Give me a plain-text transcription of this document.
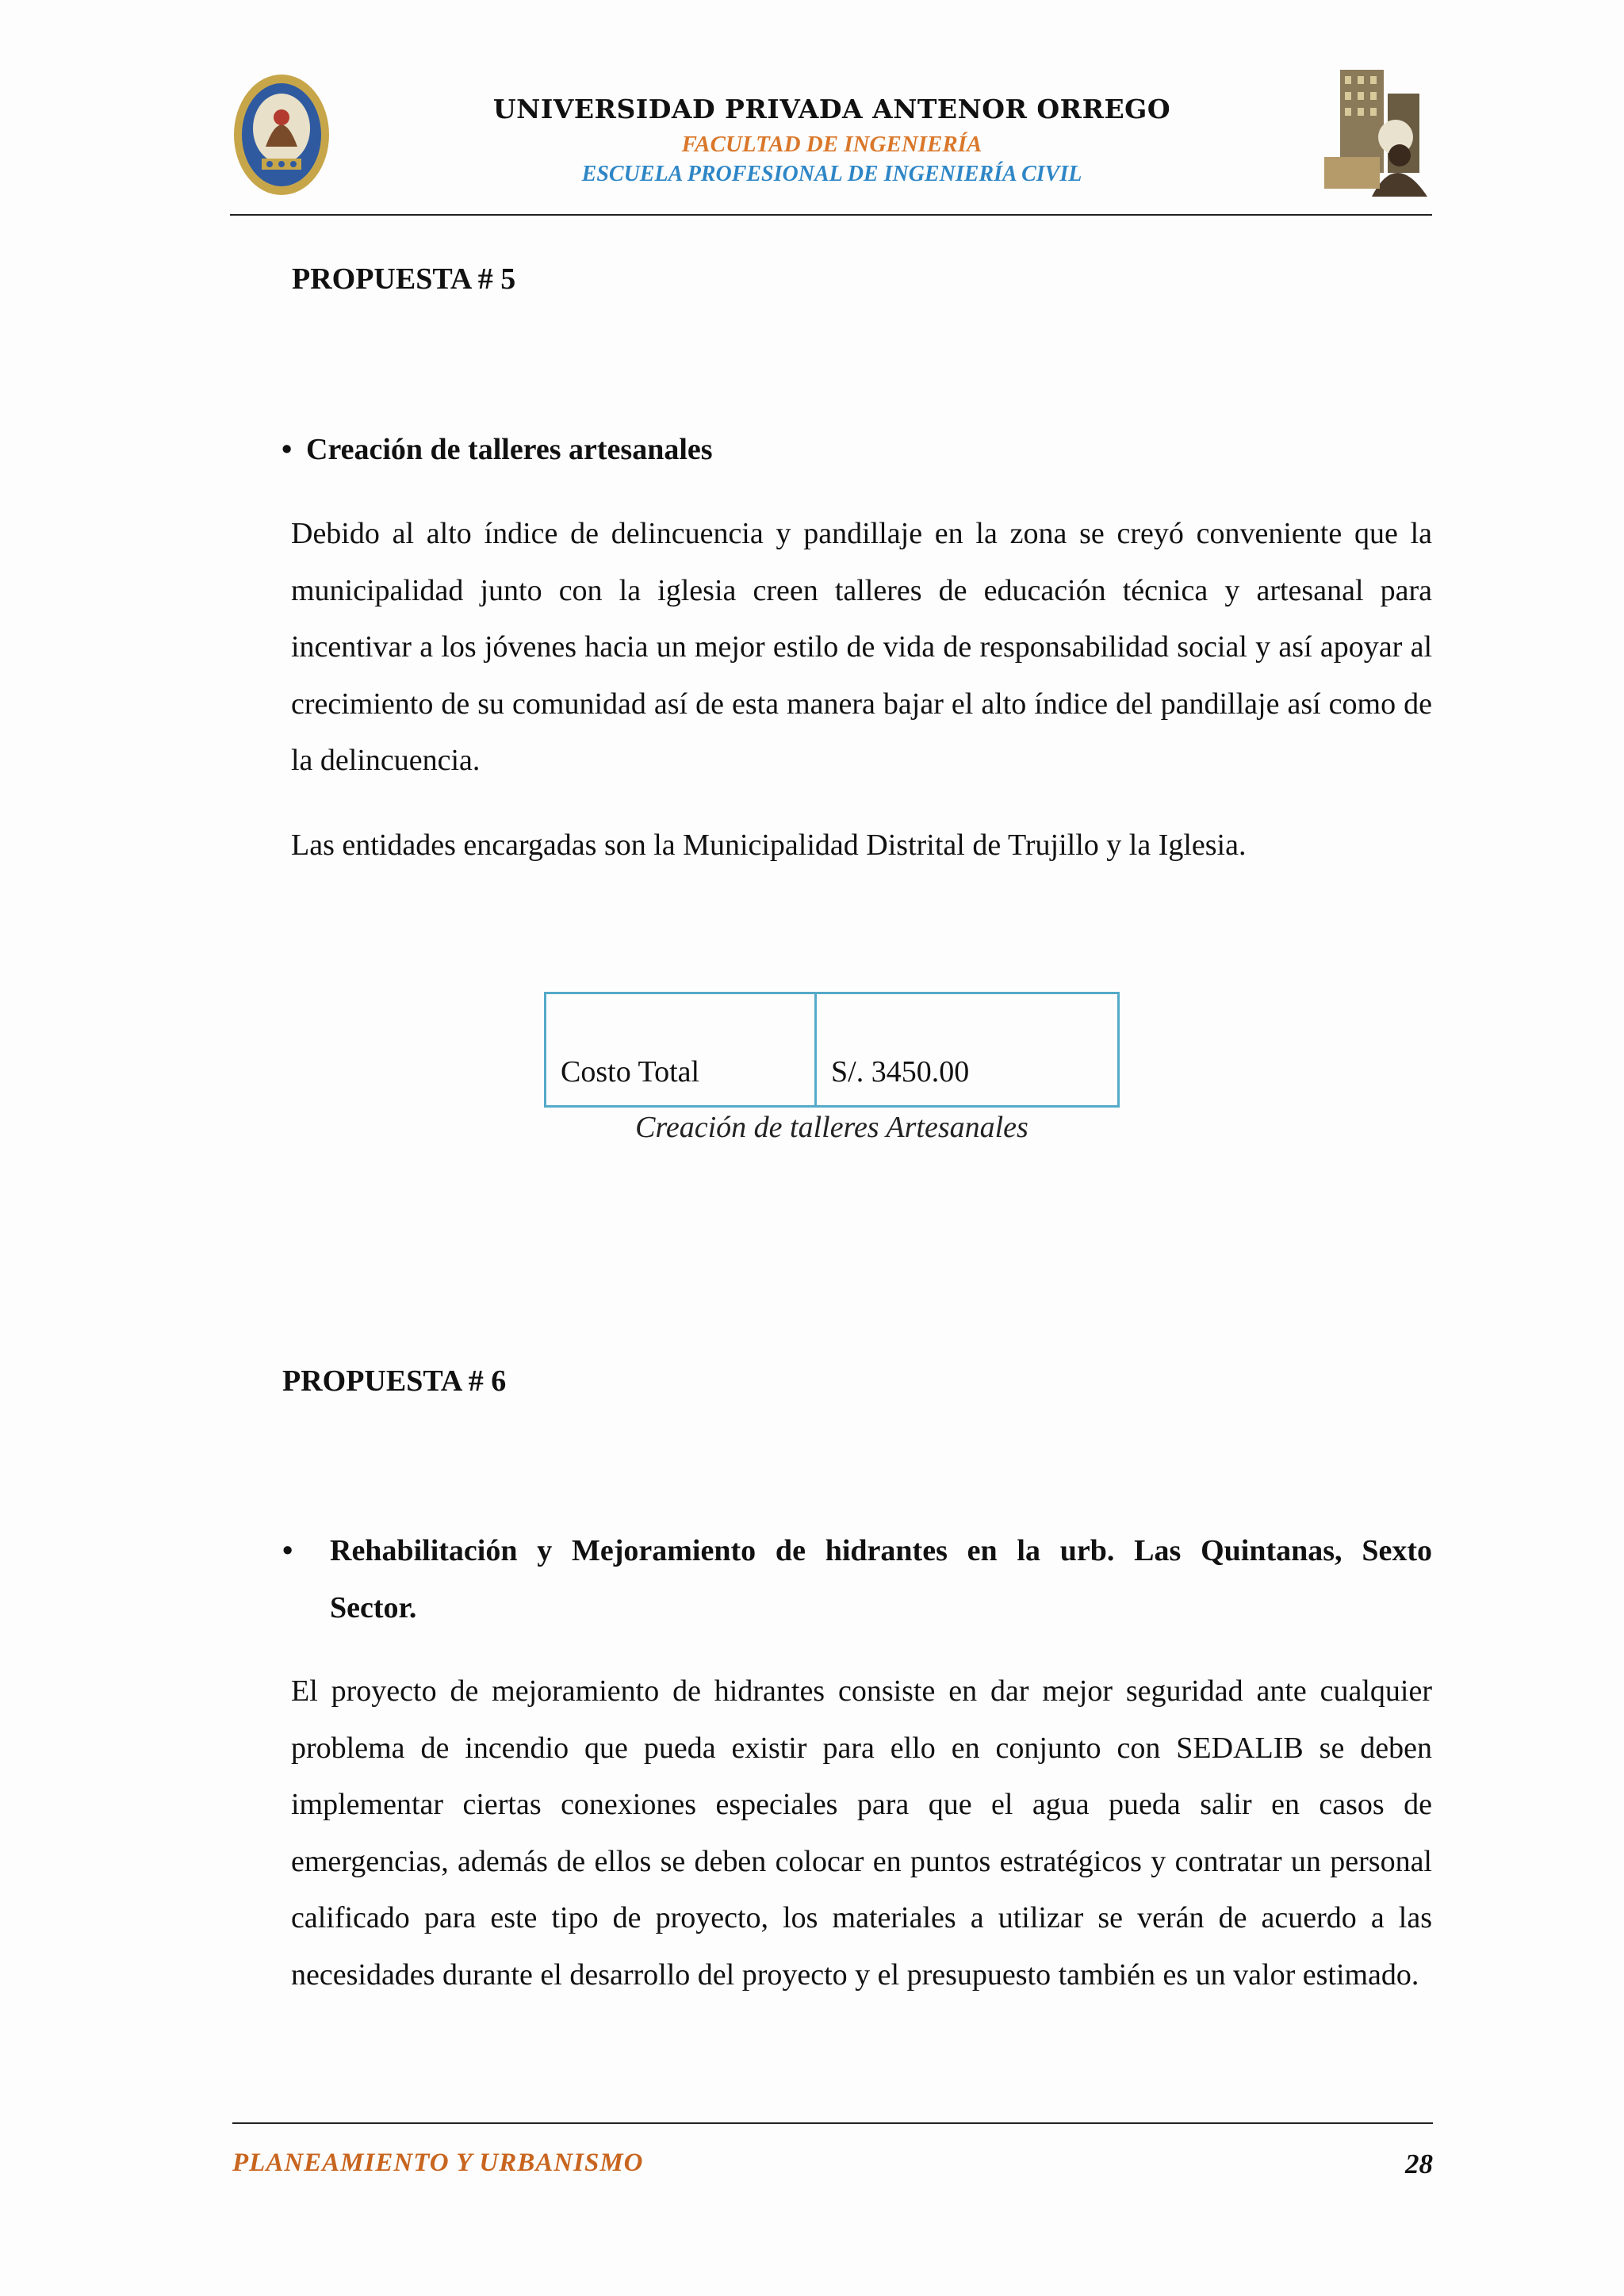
UNIVERSIDAD PRIVADA ANTENOR ORREGO
FACULTAD DE INGENIERÍA
ESCUELA PROFESIONAL DE INGENIERÍA CIVIL
PROPUESTA # 5
• Creación de talleres artesanales
Debido al alto índice de delincuencia y pandillaje en la zona se creyó conveniente que la municipalidad junto con la iglesia creen talleres de educación técnica y artesanal para incentivar a los jóvenes hacia un mejor estilo de vida de responsabilidad social y así apoyar al crecimiento de su comunidad así de esta manera bajar el alto índice del pandillaje así como de la delincuencia.
Las entidades encargadas son la Municipalidad Distrital de Trujillo y la Iglesia.
Costo Total	S/. 3450.00
Creación de talleres Artesanales
PROPUESTA # 6
• Rehabilitación y Mejoramiento de hidrantes en la urb. Las Quintanas, Sexto
Sector.
El proyecto de mejoramiento de hidrantes consiste en dar mejor seguridad ante cualquier problema de incendio que pueda existir para ello en conjunto con SEDALIB se deben implementar ciertas conexiones especiales para que el agua pueda salir en casos de emergencias, además de ellos se deben colocar en puntos estratégicos y contratar un personal calificado para este tipo de proyecto, los materiales a utilizar se verán de acuerdo a las necesidades durante el desarrollo del proyecto y el presupuesto también es un valor estimado.
PLANEAMIENTO Y URBANISMO	28
